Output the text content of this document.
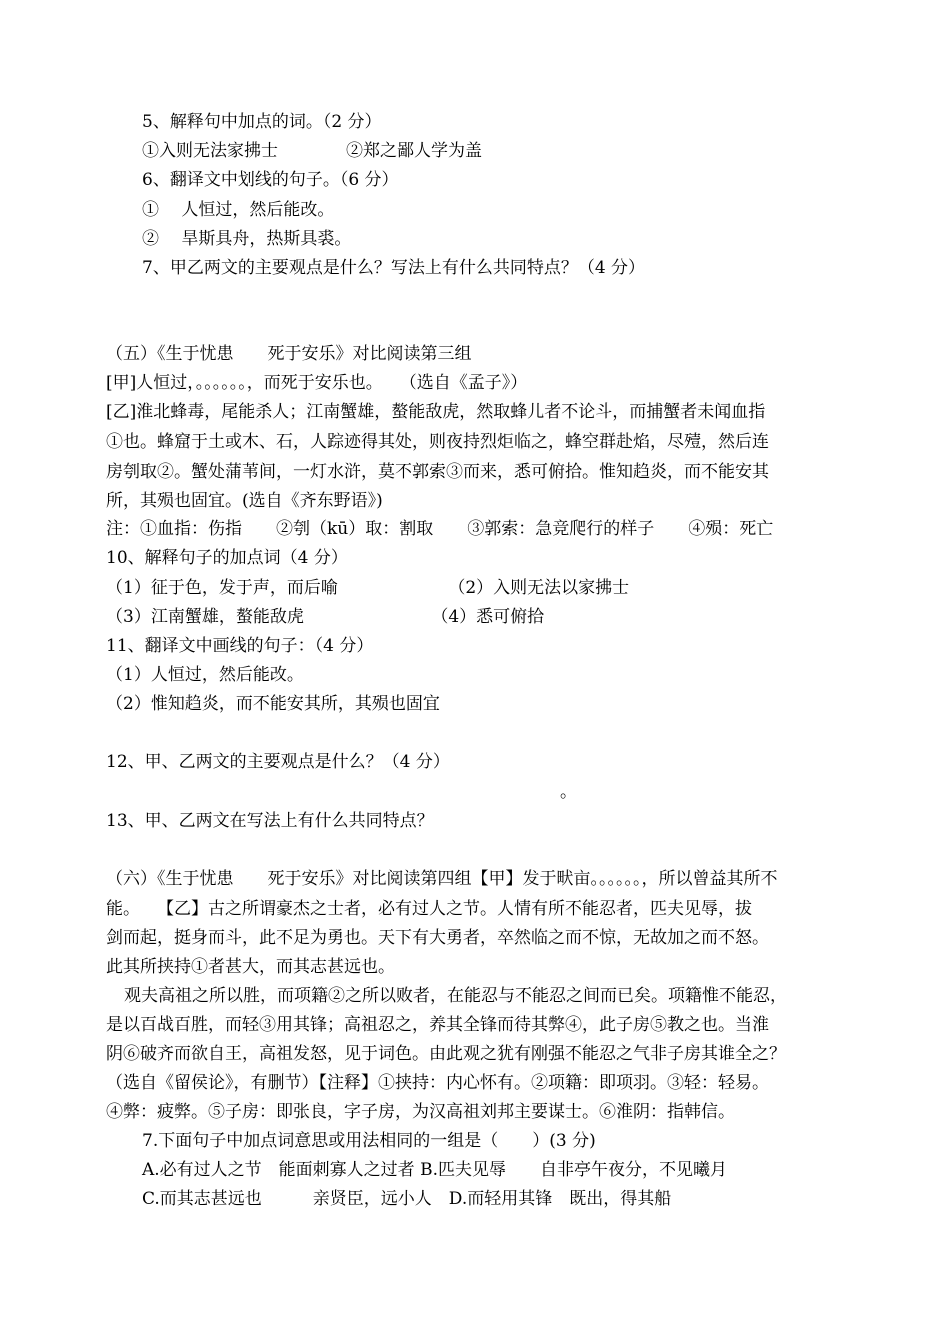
5、解释句中加点的词。（2 分）
①入则无法家拂士　　　　②郑之鄙人学为盖
6、翻译文中划线的句子。（6 分）
①　 人恒过，然后能改。
②　 旱斯具舟，热斯具裘。
7、甲乙两文的主要观点是什么？写法上有什么共同特点？（4 分）
（五）《生于忧患　　死于安乐》对比阅读第三组
[甲]人恒过，。。。。。。，而死于安乐也。　　（选自《孟子》）
[乙]淮北蜂毒，尾能杀人；江南蟹雄，螯能敌虎，然取蜂儿者不论斗，而捕蟹者未闻血指
①也。蜂窟于土或木、石，人踪迹得其处，则夜持烈炬临之，蜂空群赴焰，尽殪，然后连
房刳取②。蟹处蒲苇间，一灯水浒，莫不郭索③而来，悉可俯拾。惟知趋炎，而不能安其
所，其殒也固宜。(选自《齐东野语》)
注：①血指：伤指　　②刳（kū）取：割取　　③郭索：急竞爬行的样子　　④殒：死亡
10、解释句子的加点词（4 分）
（1）征于色，发于声，而后喻　　　　　　　（2）入则无法以家拂士
（3）江南蟹雄，螯能敌虎　　　　　　　　（4）悉可俯拾
11、翻译文中画线的句子：（4 分）
（1）人恒过，然后能改。
（2）惟知趋炎，而不能安其所，其殒也固宜
12、甲、乙两文的主要观点是什么？（4 分）
。
13、甲、乙两文在写法上有什么共同特点？
（六）《生于忧患　　死于安乐》对比阅读第四组【甲】发于畎亩。。。。。。，所以曾益其所不
能。　　【乙】古之所谓豪杰之士者，必有过人之节。人情有所不能忍者，匹夫见辱，拔
剑而起，挺身而斗，此不足为勇也。天下有大勇者，卒然临之而不惊，无故加之而不怒。
此其所挟持①者甚大，而其志甚远也。
观夫高祖之所以胜，而项籍②之所以败者，在能忍与不能忍之间而已矣。项籍惟不能忍，
是以百战百胜，而轻③用其锋；高祖忍之，养其全锋而待其弊④，此子房⑤教之也。当淮
阴⑥破齐而欲自王，高祖发怒，见于词色。由此观之犹有刚强不能忍之气非子房其谁全之？
（选自《留侯论》，有删节）【注释】①挟持：内心怀有。②项籍：即项羽。③轻：轻易。
④弊：疲弊。⑤子房：即张良，字子房，为汉高祖刘邦主要谋士。⑥淮阴：指韩信。
7.下面句子中加点词意思或用法相同的一组是（　　）(3 分)
A.必有过人之节　能面刺寡人之过者 B.匹夫见辱　　自非亭午夜分，不见曦月
C.而其志甚远也　　　亲贤臣，远小人　D.而轻用其锋　既出，得其船
